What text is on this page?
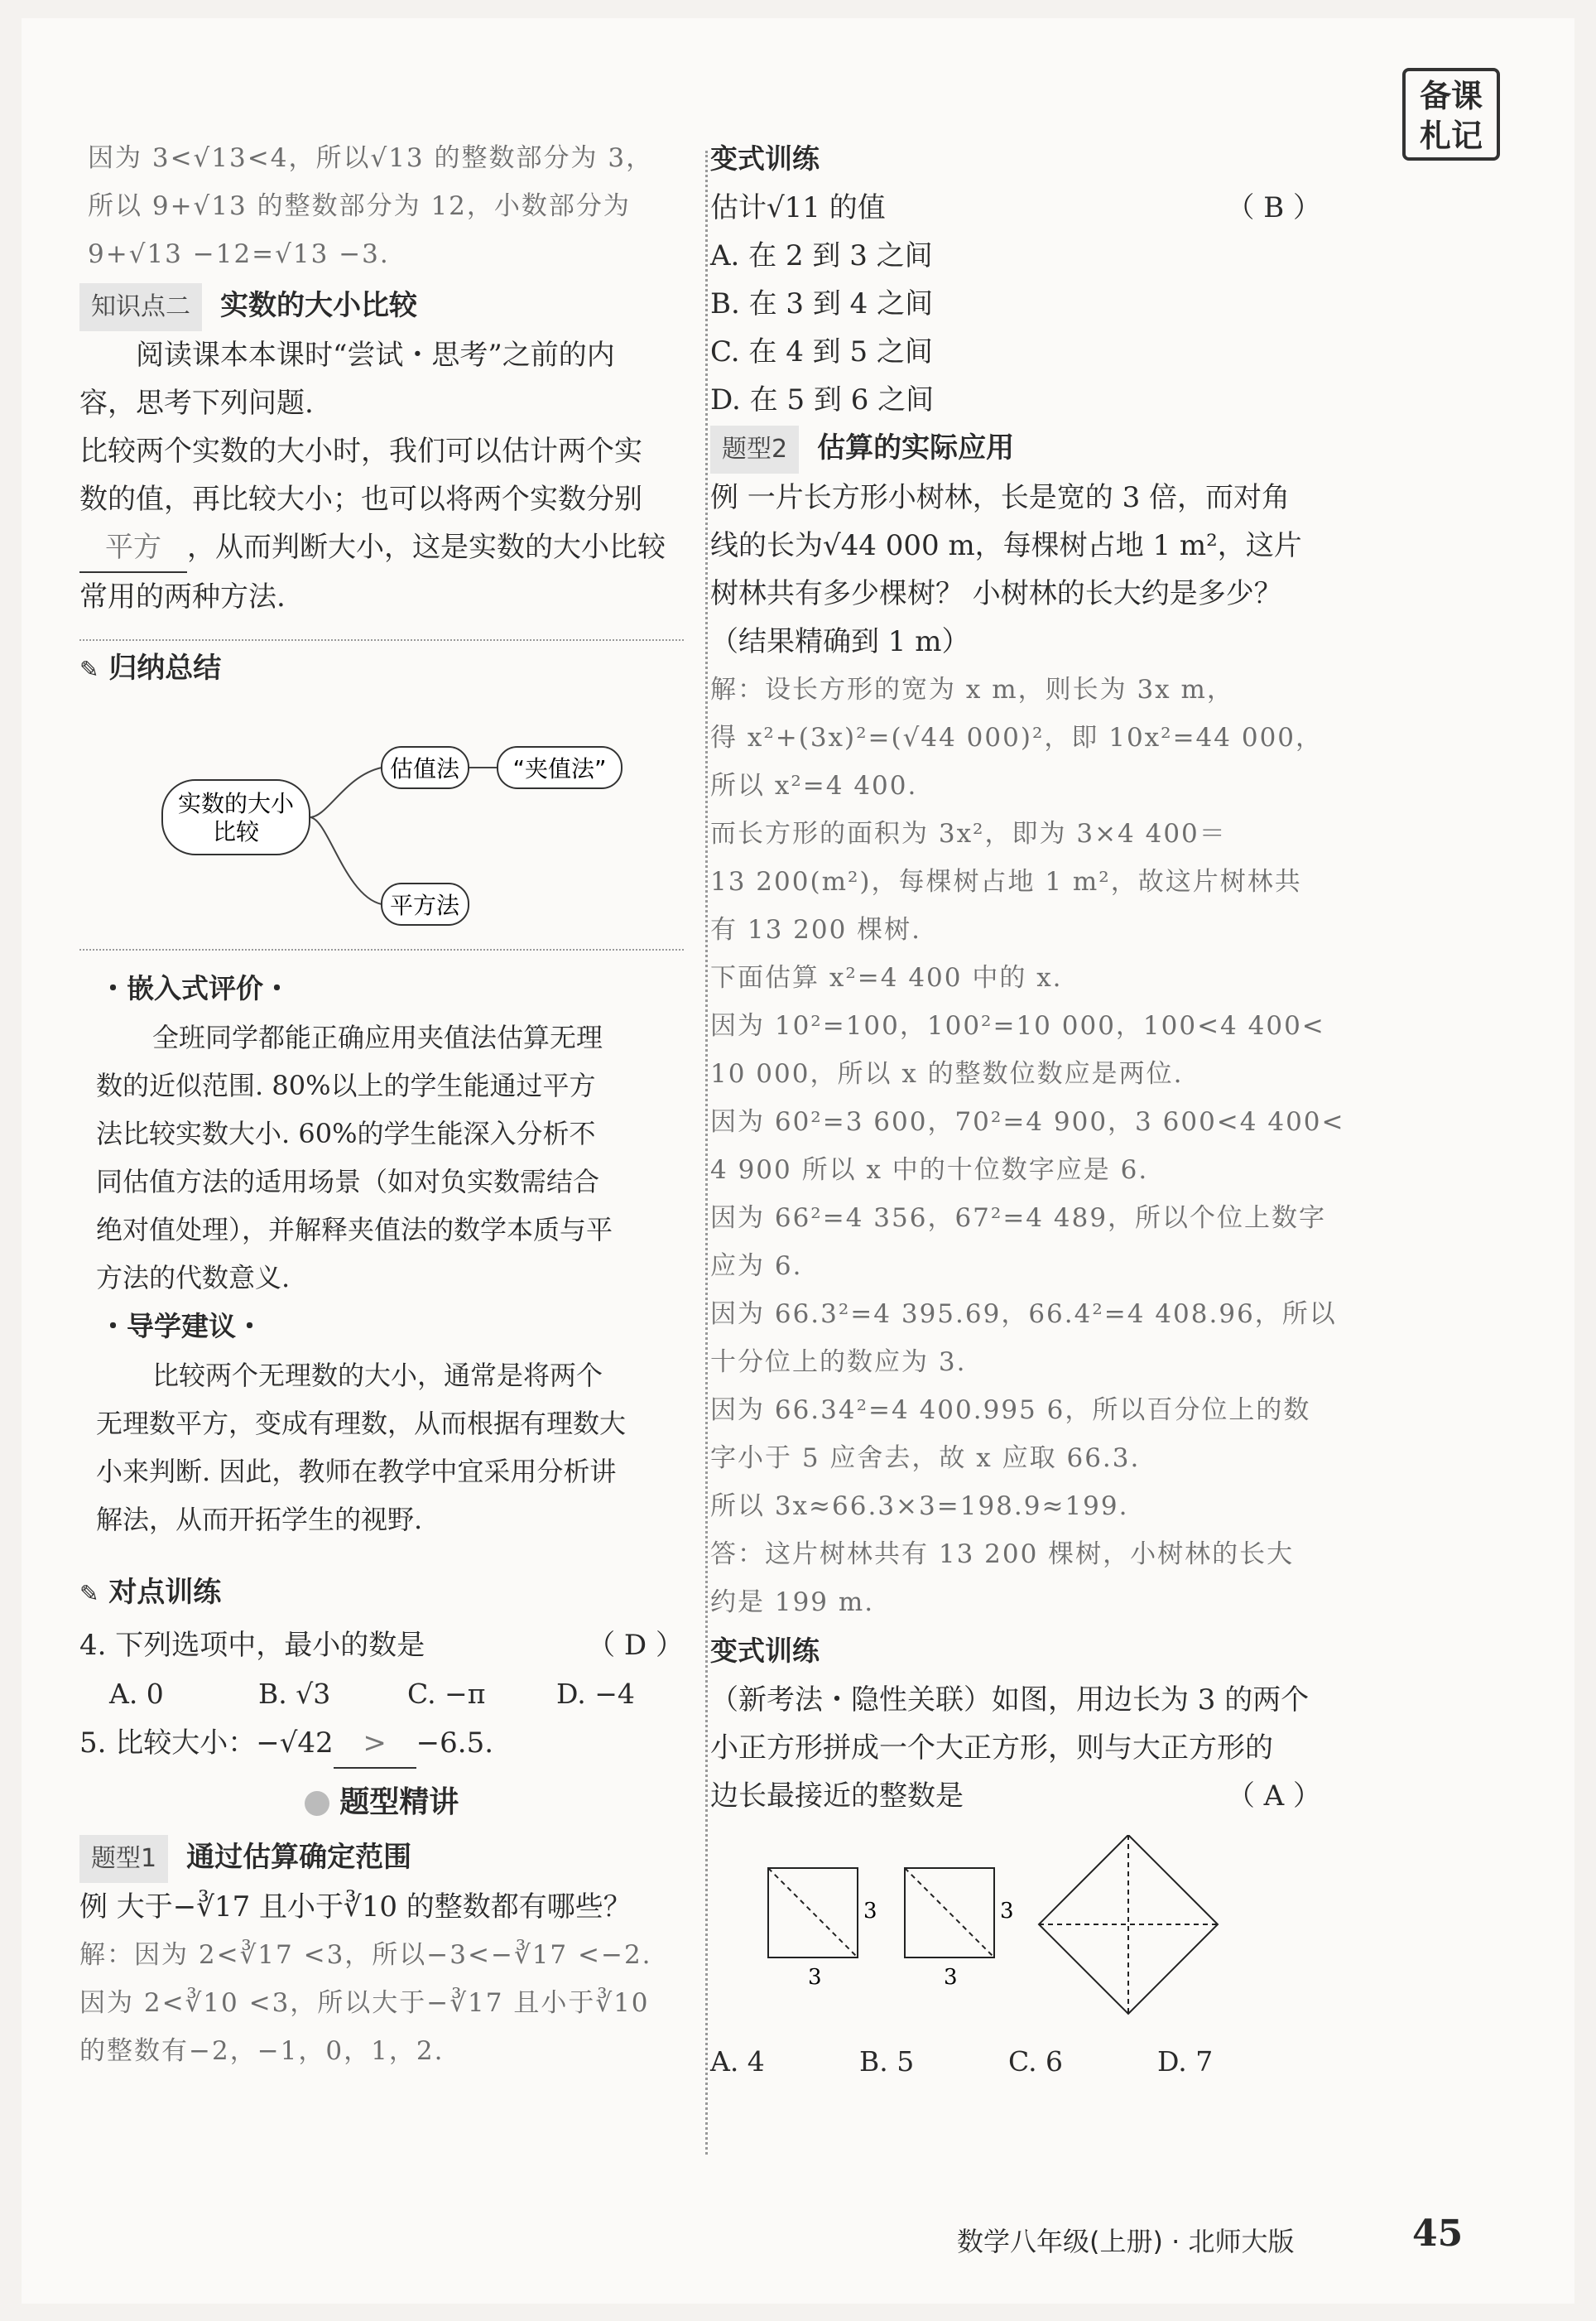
备课札记
因为 3<√13<4，所以√13 的整数部分为 3，
所以 9+√13 的整数部分为 12，小数部分为
9+√13 −12=√13 −3.
知识点二 实数的大小比较
阅读课本本课时“尝试・思考”之前的内
容，思考下列问题.
比较两个实数的大小时，我们可以估计两个实
数的值，再比较大小；也可以将两个实数分别
平方 ，从而判断大小，这是实数的大小比较
常用的两种方法.
✎ 归纳总结
实数的大小
比较
估值法 “夹值法”
平方法
・嵌入式评价・
全班同学都能正确应用夹值法估算无理
数的近似范围. 80%以上的学生能通过平方
法比较实数大小. 60%的学生能深入分析不
同估值方法的适用场景（如对负实数需结合
绝对值处理），并解释夹值法的数学本质与平
方法的代数意义.
・导学建议・
比较两个无理数的大小，通常是将两个
无理数平方，变成有理数，从而根据有理数大
小来判断. 因此，教师在教学中宜采用分析讲
解法，从而开拓学生的视野.
✎ 对点训练
4. 下列选项中，最小的数是	（ D ）
A. 0	B. √3	C. −π	D. −4
5. 比较大小：−√42 > −6.5.
题型精讲
题型1 通过估算确定范围
例 大于−∛17 且小于∛10 的整数都有哪些？
解：因为 2<∛17 <3，所以−3<−∛17 <−2.
因为 2<∛10 <3，所以大于−∛17 且小于∛10
的整数有−2，−1，0，1，2.
变式训练
估计√11 的值	（ B ）
A. 在 2 到 3 之间
B. 在 3 到 4 之间
C. 在 4 到 5 之间
D. 在 5 到 6 之间
题型2 估算的实际应用
例 一片长方形小树林，长是宽的 3 倍，而对角
线的长为√44 000 m，每棵树占地 1 m²，这片
树林共有多少棵树？ 小树林的长大约是多少？
（结果精确到 1 m）
解：设长方形的宽为 x m，则长为 3x m，
得 x²+(3x)²=(√44 000)²，即 10x²=44 000，
所以 x²=4 400.
而长方形的面积为 3x²，即为 3×4 400＝
13 200(m²)，每棵树占地 1 m²，故这片树林共
有 13 200 棵树.
下面估算 x²=4 400 中的 x.
因为 10²=100，100²=10 000，100<4 400<
10 000，所以 x 的整数位数应是两位.
因为 60²=3 600，70²=4 900，3 600<4 400<
4 900 所以 x 中的十位数字应是 6.
因为 66²=4 356，67²=4 489，所以个位上数字
应为 6.
因为 66.3²=4 395.69，66.4²=4 408.96，所以
十分位上的数应为 3.
因为 66.34²=4 400.995 6，所以百分位上的数
字小于 5 应舍去，故 x 应取 66.3.
所以 3x≈66.3×3=198.9≈199.
答：这片树林共有 13 200 棵树，小树林的长大
约是 199 m.
变式训练
（新考法・隐性关联）如图，用边长为 3 的两个
小正方形拼成一个大正方形，则与大正方形的
边长最接近的整数是	（ A ）
3
3
3
3
A. 4	B. 5	C. 6	D. 7
数学八年级(上册) · 北师大版	45
